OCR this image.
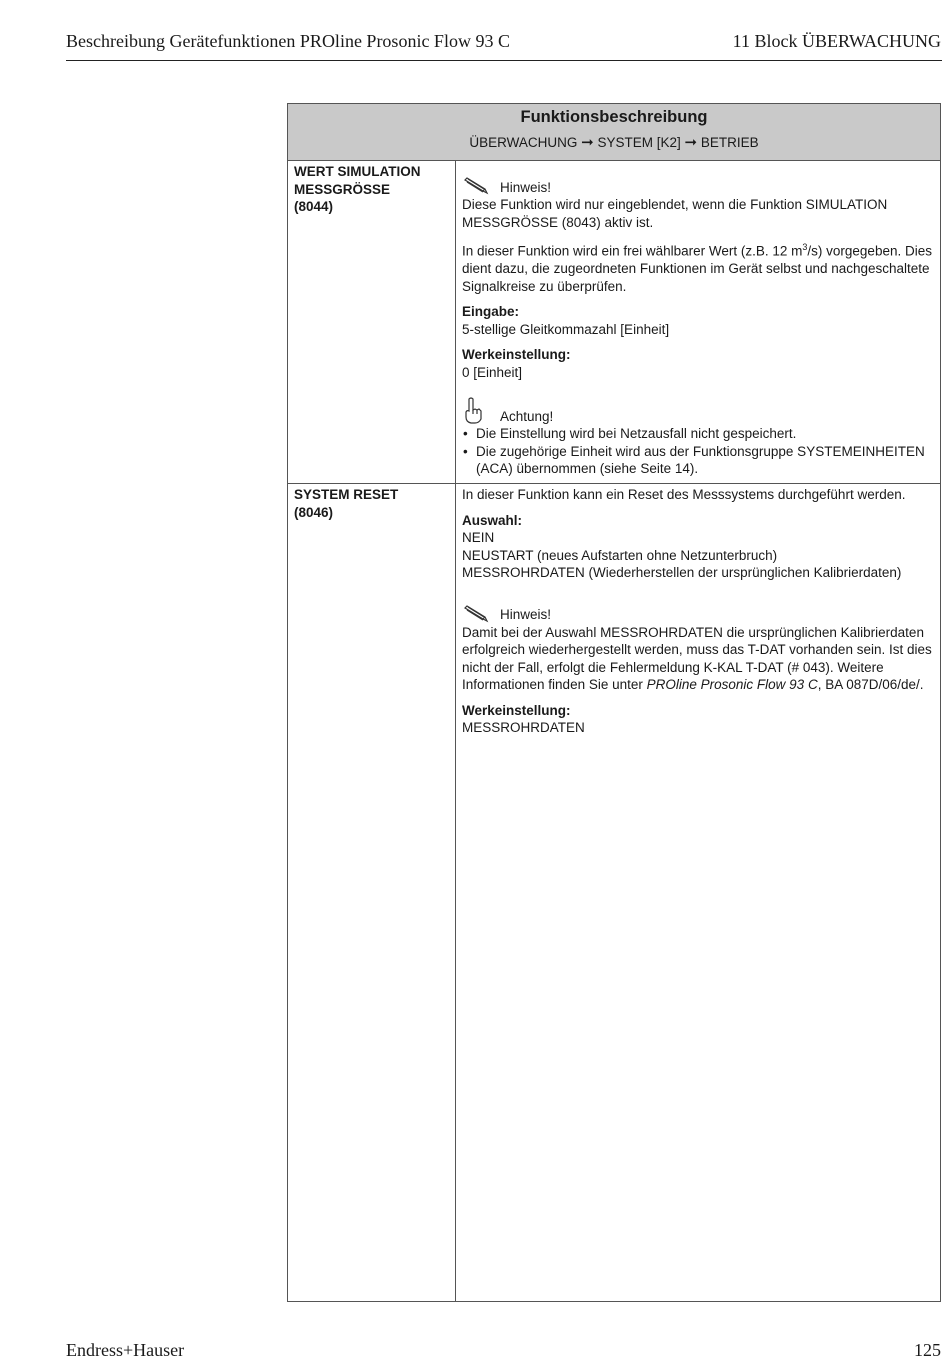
Beschreibung Gerätefunktionen PROline Prosonic Flow 93 C	11 Block ÜBERWACHUNG
Funktionsbeschreibung
ÜBERWACHUNG ➞ SYSTEM [K2] ➞ BETRIEB
WERT SIMULATION
MESSGRÖSSE
(8044)
Hinweis!

Diese Funktion wird nur eingeblendet, wenn die Funktion SIMULATION MESSGRÖSSE (8043) aktiv ist.

In dieser Funktion wird ein frei wählbarer Wert (z.B. 12 $m^3/s$) vorgegeben. Dies dient dazu, die zugeordneten Funktionen im Gerät selbst und nachgeschaltete Signalkreise zu überprüfen.

Eingabe:
5-stellige Gleitkommazahl [Einheit]

Werkeinstellung:
0 [Einheit]

Achtung!
• Die Einstellung wird bei Netzausfall nicht gespeichert.
• Die zugehörige Einheit wird aus der Funktionsgruppe SYSTEMEINHEITEN (ACA) übernommen (siehe Seite 14).
SYSTEM RESET
(8046)

In dieser Funktion kann ein Reset des Messsystems durchgeführt werden.

Auswahl:
NEIN
NEUSTART (neues Aufstarten ohne Netzunterbruch)
MESSROHRDATEN (Wiederherstellen der ursprünglichen Kalibrierdaten)

Hinweis!

Damit bei der Auswahl MESSROHRDATEN die ursprünglichen Kalibrierdaten erfolgreich wiederhergestellt werden, muss das T-DAT vorhanden sein. Ist dies nicht der Fall, erfolgt die Fehlermeldung K-KAL T-DAT (# 043). Weitere Informationen finden Sie unter PROline Prosonic Flow 93 C, BA 087D/06/de/.

Werkeinstellung:
MESSROHRDATEN

Endress+Hauser	125
